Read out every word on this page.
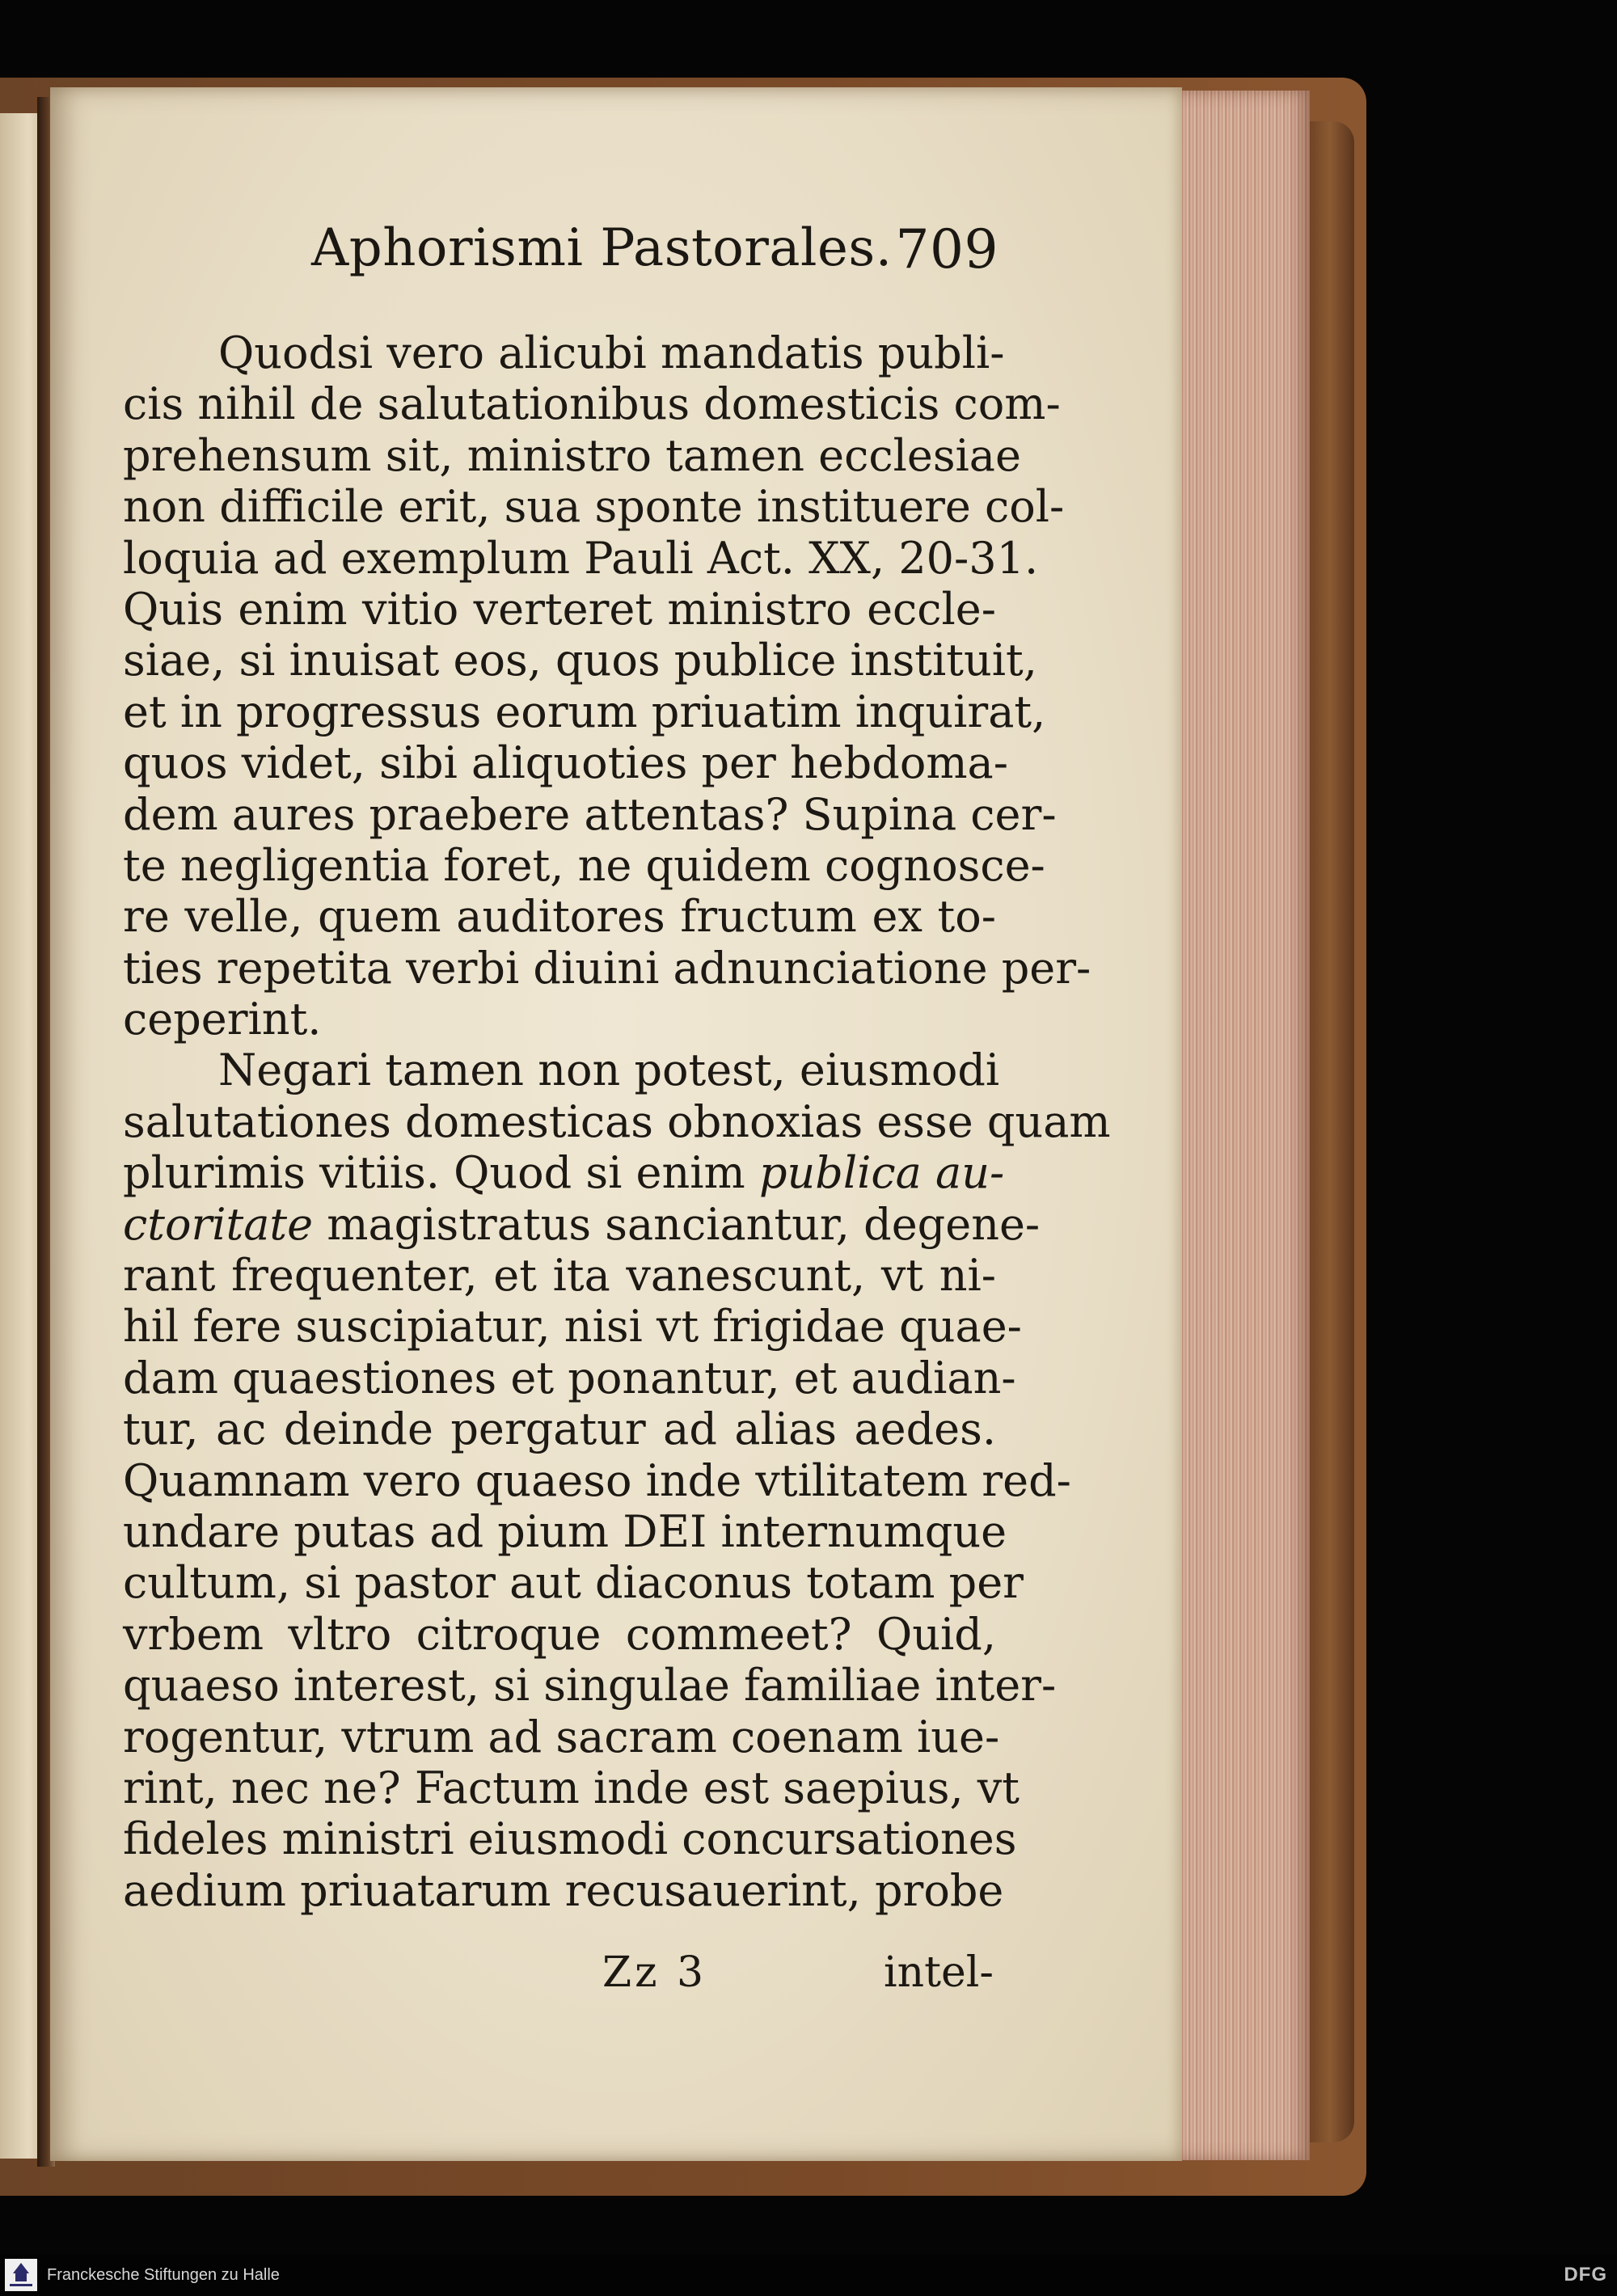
Aphorismi Pastorales. 709
Quodsi vero alicubi mandatis publi-
cis nihil de salutationibus domesticis com-
prehensum sit, ministro tamen ecclesiae
non difficile erit, sua sponte instituere col-
loquia ad exemplum Pauli Act. XX, 20-31.
Quis enim vitio verteret ministro eccle-
siae, si inuisat eos, quos publice instituit,
et in progressus eorum priuatim inquirat,
quos videt, sibi aliquoties per hebdoma-
dem aures praebere attentas? Supina cer-
te negligentia foret, ne quidem cognosce-
re velle, quem auditores fructum ex to-
ties repetita verbi diuini adnunciatione per-
ceperint.
Negari tamen non potest, eiusmodi
salutationes domesticas obnoxias esse quam
plurimis vitiis. Quod si enim publica au-
ctoritate magistratus sanciantur, degene-
rant frequenter, et ita vanescunt, vt ni-
hil fere suscipiatur, nisi vt frigidae quae-
dam quaestiones et ponantur, et audian-
tur, ac deinde pergatur ad alias aedes.
Quamnam vero quaeso inde vtilitatem red-
undare putas ad pium DEI internumque
cultum, si pastor aut diaconus totam per
vrbem vltro citroque commeet? Quid,
quaeso interest, si singulae familiae inter-
rogentur, vtrum ad sacram coenam iue-
rint, nec ne? Factum inde est saepius, vt
fideles ministri eiusmodi concursationes
aedium priuatarum recusauerint, probe
Zz 3	intel-
Franckesche Stiftungen zu Halle	DFG
